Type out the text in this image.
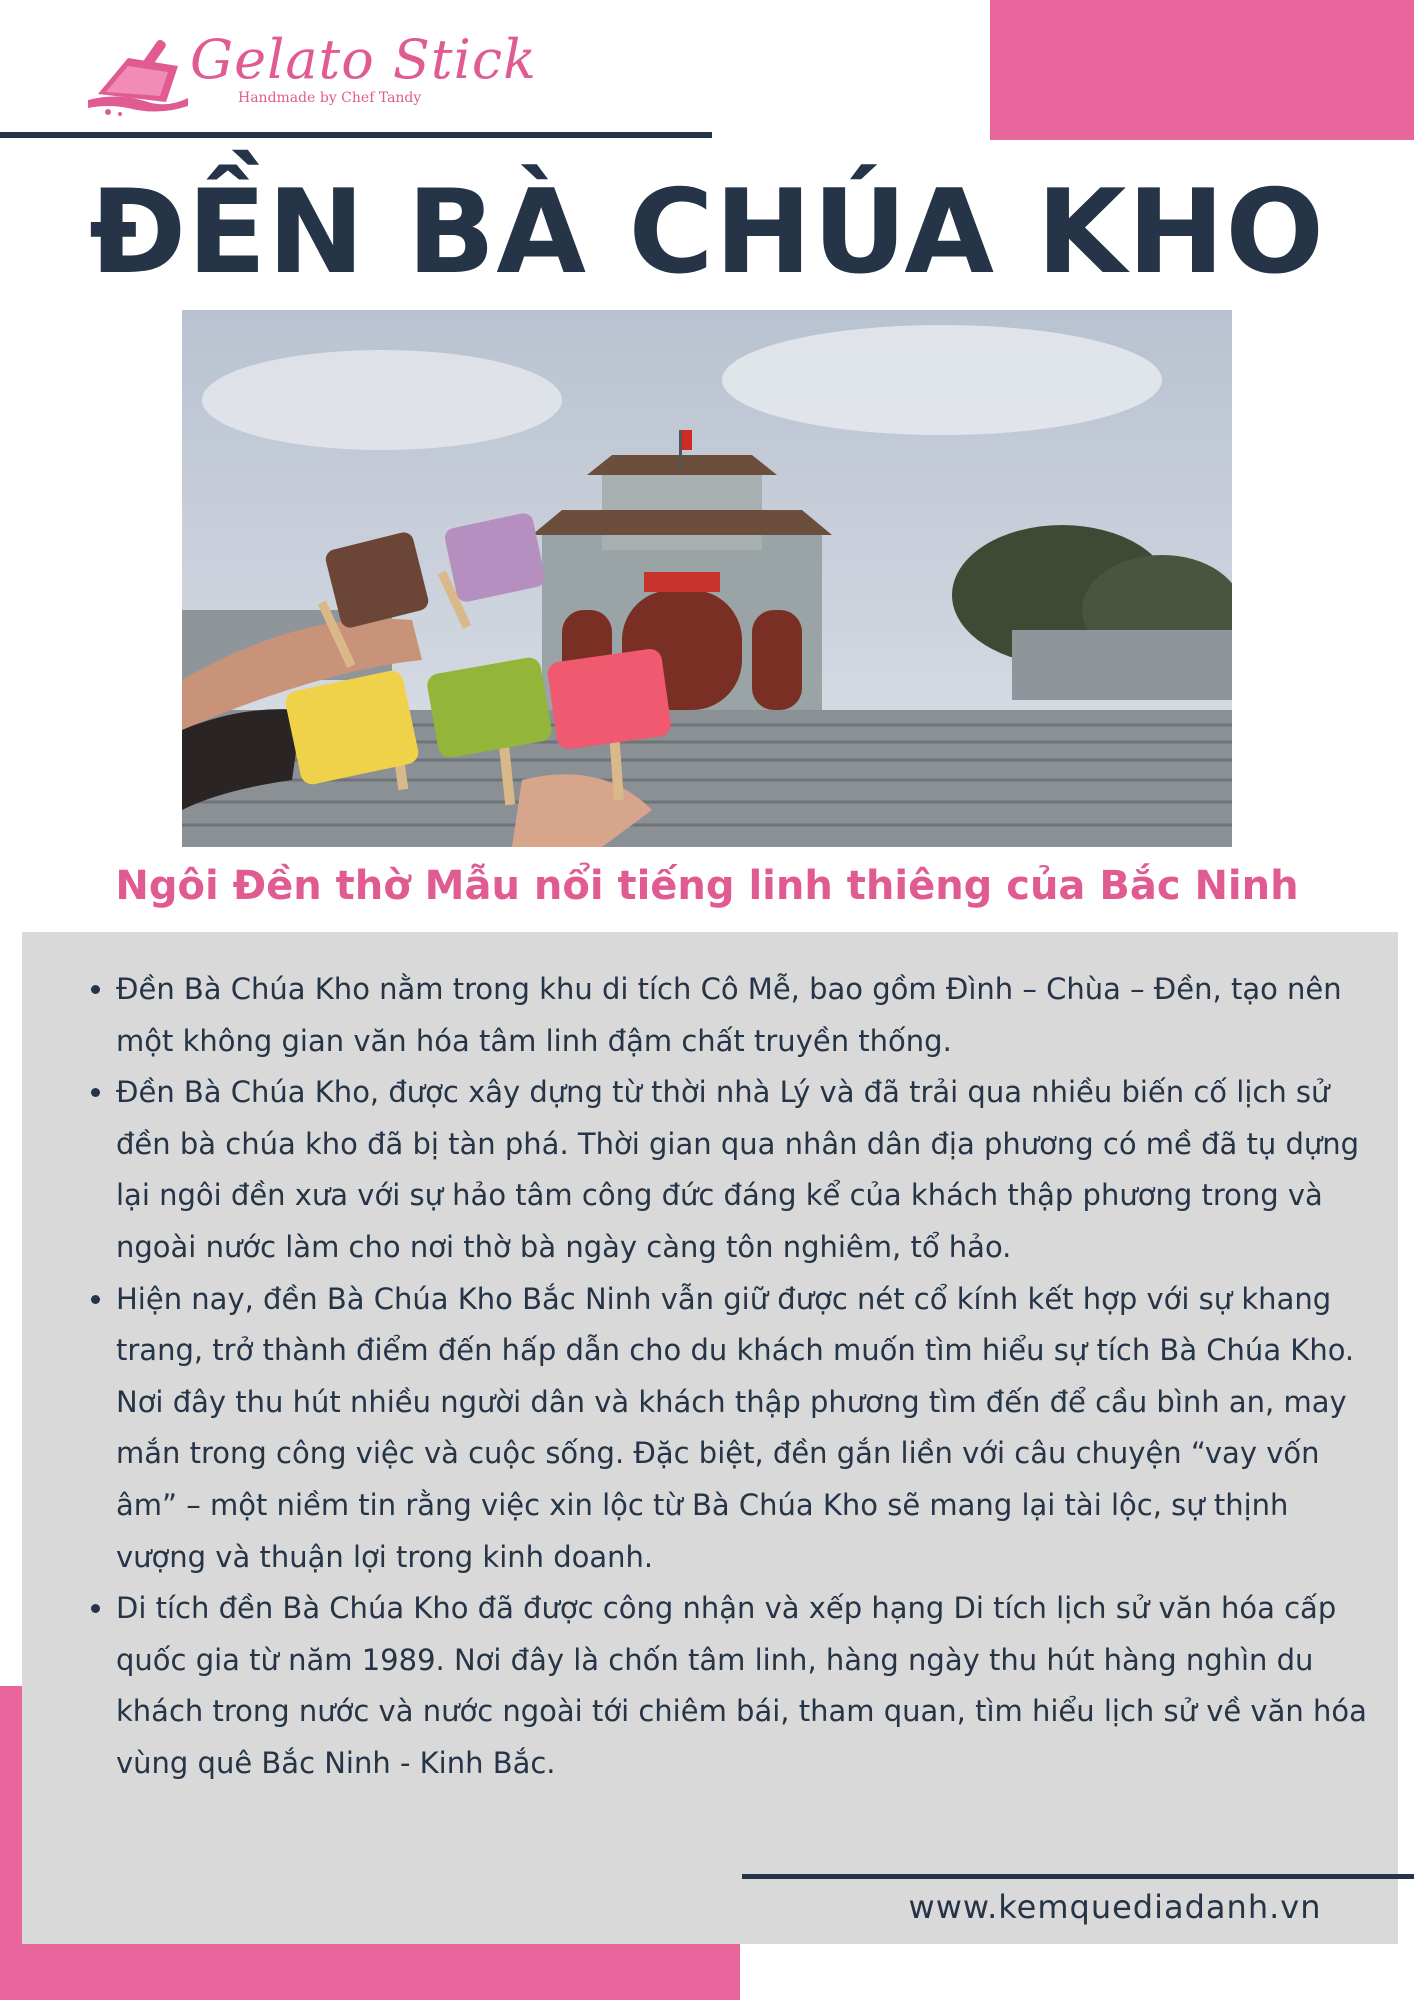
Gelato Stick
Handmade by Chef Tandy
ĐỀN BÀ CHÚA KHO
Ngôi Đền thờ Mẫu nổi tiếng linh thiêng của Bắc Ninh
• Đền Bà Chúa Kho nằm trong khu di tích Cô Mễ, bao gồm Đình – Chùa – Đền, tạo nên một không gian văn hóa tâm linh đậm chất truyền thống.
• Đền Bà Chúa Kho, được xây dựng từ thời nhà Lý và đã trải qua nhiều biến cố lịch sử đền bà chúa kho đã bị tàn phá. Thời gian qua nhân dân địa phương có mề đã tụ dựng lại ngôi đền xưa với sự hảo tâm công đức đáng kể của khách thập phương trong và ngoài nước làm cho nơi thờ bà ngày càng tôn nghiêm, tổ hảo.
• Hiện nay, đền Bà Chúa Kho Bắc Ninh vẫn giữ được nét cổ kính kết hợp với sự khang trang, trở thành điểm đến hấp dẫn cho du khách muốn tìm hiểu sự tích Bà Chúa Kho. Nơi đây thu hút nhiều người dân và khách thập phương tìm đến để cầu bình an, may mắn trong công việc và cuộc sống. Đặc biệt, đền gắn liền với câu chuyện “vay vốn âm” – một niềm tin rằng việc xin lộc từ Bà Chúa Kho sẽ mang lại tài lộc, sự thịnh vượng và thuận lợi trong kinh doanh.
• Di tích đền Bà Chúa Kho đã được công nhận và xếp hạng Di tích lịch sử văn hóa cấp quốc gia từ năm 1989. Nơi đây là chốn tâm linh, hàng ngày thu hút hàng nghìn du khách trong nước và nước ngoài tới chiêm bái, tham quan, tìm hiểu lịch sử về văn hóa vùng quê Bắc Ninh - Kinh Bắc.
www.kemquediadanh.vn
